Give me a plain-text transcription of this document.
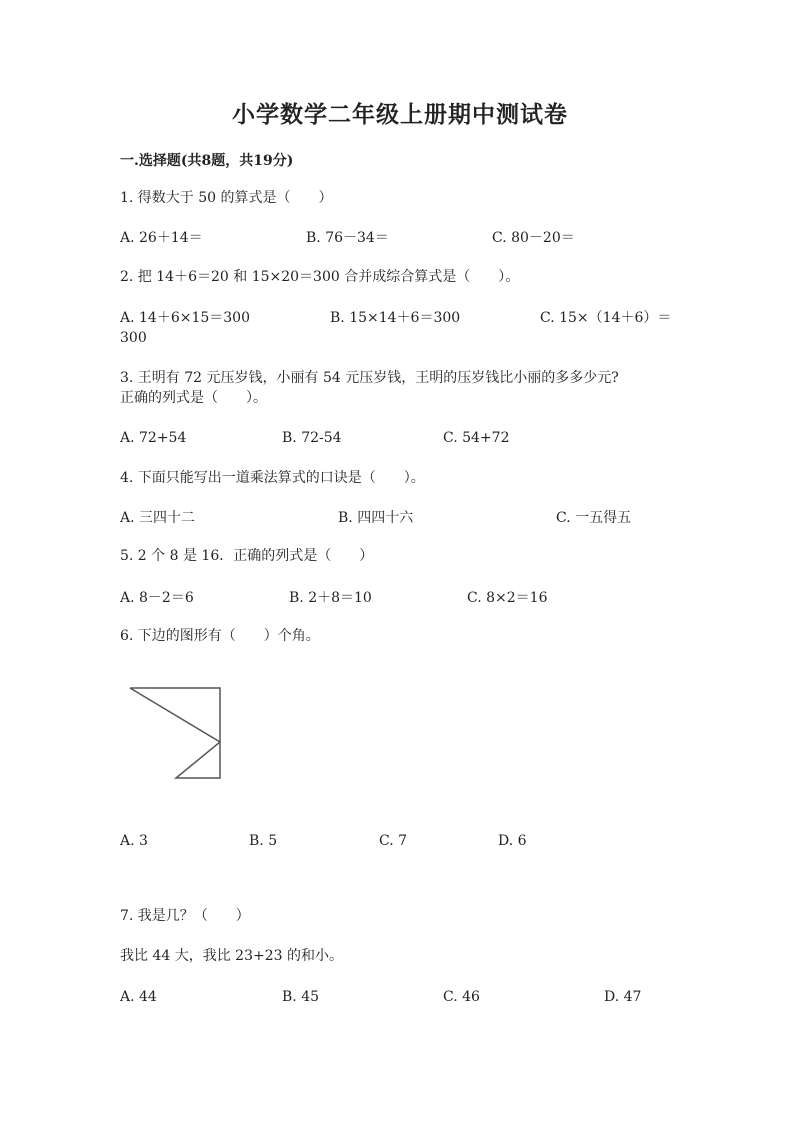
小学数学二年级上册期中测试卷
一.选择题(共8题，共19分)
1. 得数大于 50 的算式是（　　）
A. 26＋14＝	B. 76－34＝	C. 80－20＝
2. 把 14＋6＝20 和 15×20＝300 合并成综合算式是（　　）。
A. 14＋6×15＝300	B. 15×14＋6＝300	C. 15×（14＋6）＝
300
3. 王明有 72 元压岁钱，小丽有 54 元压岁钱，王明的压岁钱比小丽的多多少元?
正确的列式是（　　）。
A. 72+54	B. 72-54	C. 54+72
4. 下面只能写出一道乘法算式的口诀是（　　）。
A. 三四十二	B. 四四十六	C. 一五得五
5. 2 个 8 是 16．正确的列式是（　　）
A. 8－2＝6	B. 2＋8＝10	C. 8×2＝16
6. 下边的图形有（　　）个角。
A. 3	B. 5	C. 7	D. 6
7. 我是几？（　　）
我比 44 大，我比 23+23 的和小。
A. 44	B. 45	C. 46	D. 47
